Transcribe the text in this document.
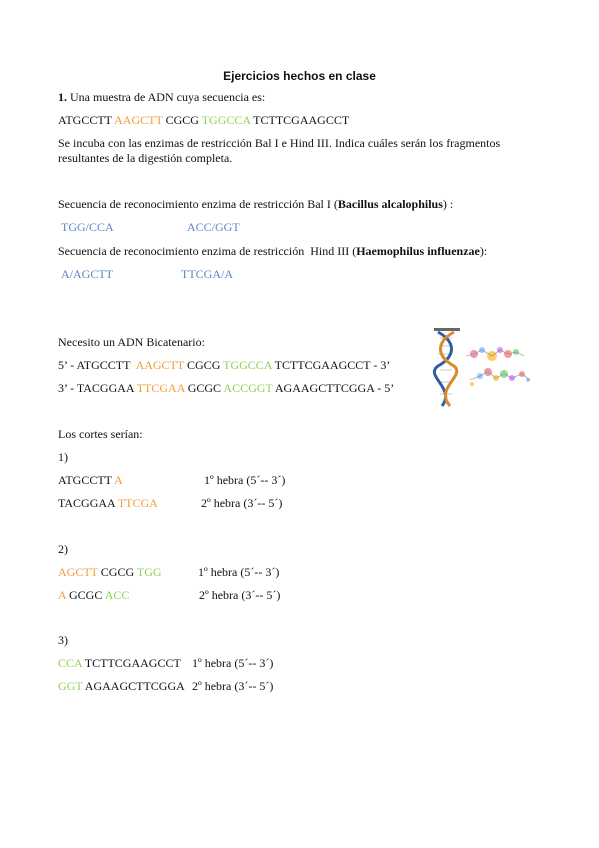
Ejercicios hechos en clase
1. Una muestra de ADN cuya secuencia es:
ATGCCTT AAGCTT CGCG TGGCCA TCTTCGAAGCCT
Se incuba con las enzimas de restricción Bal I e Hind III. Indica cuáles serán los fragmentos
resultantes de la digestión completa.
Secuencia de reconocimiento enzima de restricción Bal I (Bacillus alcalophilus) :
TGG/CCA	ACC/GGT
Secuencia de reconocimiento enzima de restricción  Hind III (Haemophilus influenzae):
A/AGCTT	TTCGA/A
Necesito un ADN Bicatenario:
5’ - ATGCCTT  AAGCTT CGCG TGGCCA TCTTCGAAGCCT - 3’
3’ - TACGGAA TTCGAA GCGC ACCGGT AGAAGCTTCGGA - 5’
Los cortes serían:
1)
ATGCCTT A	1º hebra (5´-- 3´)
TACGGAA TTCGA	2º hebra (3´-- 5´)
2)
AGCTT CGCG TGG	1º hebra (5´-- 3´)
A GCGC ACC	2º hebra (3´-- 5´)
3)
CCA TCTTCGAAGCCT 1º hebra (5´-- 3´)
GGT AGAAGCTTCGGA 2º hebra (3´-- 5´)
